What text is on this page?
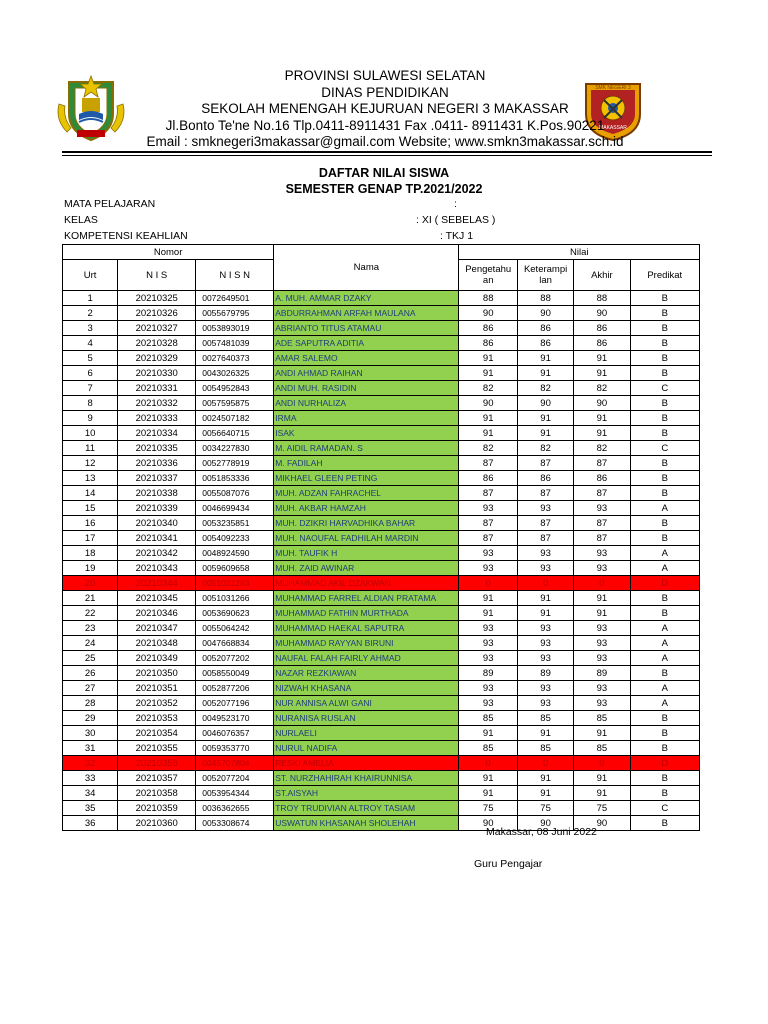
SMK NEGERI 3
MAKASSAR
PROVINSI SULAWESI SELATAN
DINAS PENDIDIKAN
SEKOLAH MENENGAH KEJURUAN NEGERI 3 MAKASSAR
Jl.Bonto Te'ne No.16 Tlp.0411-8911431 Fax .0411- 8911431 K.Pos.90221
Email : smknegeri3makassar@gmail.com Website; www.smkn3makassar.sch.id
DAFTAR NILAI SISWA
SEMESTER GENAP TP.2021/2022
MATA PELAJARAN	:
KELAS	: XI ( SEBELAS )
KOMPETENSI KEAHLIAN	: TKJ 1
Nomor			Nama	Nilai			
Urt	N I S	N I S N		Pengetahu an	Keterampi lan	Akhir	Predikat
1	20210325	0072649501	A. MUH. AMMAR DZAKY	88	88	88	B
2	20210326	0055679795	ABDURRAHMAN ARFAH MAULANA	90	90	90	B
3	20210327	0053893019	ABRIANTO TITUS ATAMAU	86	86	86	B
4	20210328	0057481039	ADE SAPUTRA ADITIA	86	86	86	B
5	20210329	0027640373	AMAR SALEMO	91	91	91	B
6	20210330	0043026325	ANDI AHMAD RAIHAN	91	91	91	B
7	20210331	0054952843	ANDI MUH. RASIDIN	82	82	82	C
8	20210332	0057595875	ANDI NURHALIZA	90	90	90	B
9	20210333	0024507182	IRMA	91	91	91	B
10	20210334	0056640715	ISAK	91	91	91	B
11	20210335	0034227830	M. AIDIL RAMADAN. S	82	82	82	C
12	20210336	0052778919	M. FADILAH	87	87	87	B
13	20210337	0051853336	MIKHAEL GLEEN PETING	86	86	86	B
14	20210338	0055087076	MUH. ADZAN FAHRACHEL	87	87	87	B
15	20210339	0046699434	MUH. AKBAR HAMZAH	93	93	93	A
16	20210340	0053235851	MUH. DZIKRI HARVADHIKA BAHAR	87	87	87	B
17	20210341	0054092233	MUH. NAOUFAL FADHILAH MARDIN	87	87	87	B
18	20210342	0048924590	MUH. TAUFIK H	93	93	93	A
19	20210343	0059609658	MUH. ZAID AWINAR	93	93	93	A
20	20210344	0051031283	MUHAMMAD AKIL DZAKWAN	0	0	0	D
21	20210345	0051031266	MUHAMMAD FARREL ALDIAN PRATAMA	91	91	91	B
22	20210346	0053690623	MUHAMMAD FATHIN MURTHADA	91	91	91	B
23	20210347	0055064242	MUHAMMAD HAEKAL SAPUTRA	93	93	93	A
24	20210348	0047668834	MUHAMMAD RAYYAN BIRUNI	93	93	93	A
25	20210349	0052077202	NAUFAL FALAH FAIRLY AHMAD	93	93	93	A
26	20210350	0058550049	NAZAR REZKIAWAN	89	89	89	B
27	20210351	0052877206	NIZWAH KHASANA	93	93	93	A
28	20210352	0052077196	NUR ANNISA ALWI GANI	93	93	93	A
29	20210353	0049523170	NURANISA RUSLAN	85	85	85	B
30	20210354	0046076357	NURLAELI	91	91	91	B
31	20210355	0059353770	NURUL NADIFA	85	85	85	B
32	20210356	0045707804	RESKI AMELIA	0	0	0	D
33	20210357	0052077204	ST. NURZHAHIRAH KHAIRUNNISA	91	91	91	B
34	20210358	0053954344	ST.AISYAH	91	91	91	B
35	20210359	0036362655	TROY TRUDIVIAN ALTROY TASIAM	75	75	75	C
36	20210360	0053308674	USWATUN KHASANAH SHOLEHAH	90	90	90	B
Makassar, 08 Juni 2022
Guru Pengajar
